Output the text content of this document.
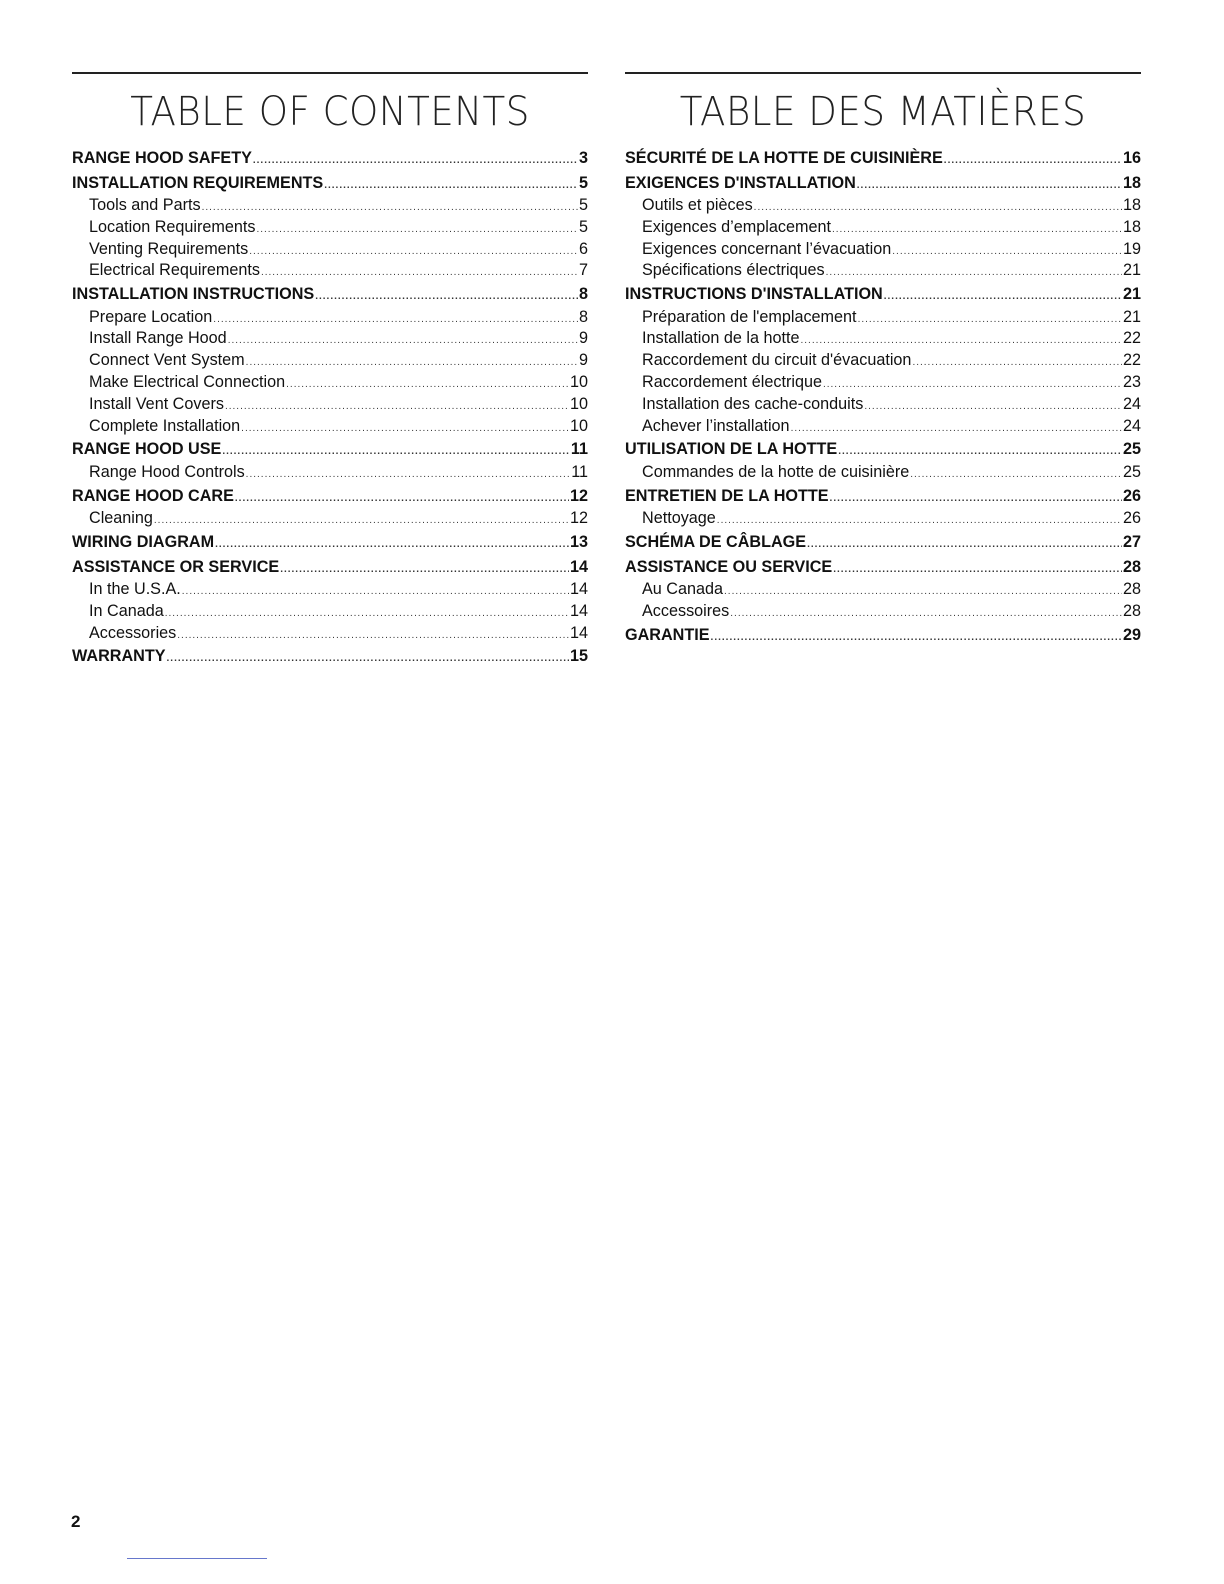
TABLE OF CONTENTS
RANGE HOOD SAFETY .....	3
INSTALLATION REQUIREMENTS .....	5
Tools and Parts .....	5
Location Requirements .....	5
Venting Requirements .....	6
Electrical Requirements .....	7
INSTALLATION INSTRUCTIONS .....	8
Prepare Location .....	8
Install Range Hood .....	9
Connect Vent System .....	9
Make Electrical Connection .....	10
Install Vent Covers .....	10
Complete Installation .....	10
RANGE HOOD USE .....	11
Range Hood Controls .....	11
RANGE HOOD CARE .....	12
Cleaning .....	12
WIRING DIAGRAM .....	13
ASSISTANCE OR SERVICE .....	14
In the U.S.A. .....	14
In Canada .....	14
Accessories .....	14
WARRANTY .....	15
TABLE DES MATIÈRES
SÉCURITÉ DE LA HOTTE DE CUISINIÈRE .....	16
EXIGENCES D'INSTALLATION .....	18
Outils et pièces .....	18
Exigences d’emplacement .....	18
Exigences concernant l’évacuation .....	19
Spécifications électriques .....	21
INSTRUCTIONS D'INSTALLATION .....	21
Préparation de l'emplacement .....	21
Installation de la hotte .....	22
Raccordement du circuit d'évacuation .....	22
Raccordement électrique .....	23
Installation des cache-conduits .....	24
Achever l’installation .....	24
UTILISATION DE LA HOTTE .....	25
Commandes de la hotte de cuisinière .....	25
ENTRETIEN DE LA HOTTE .....	26
Nettoyage .....	26
SCHÉMA DE CÂBLAGE .....	27
ASSISTANCE OU SERVICE .....	28
Au Canada .....	28
Accessoires .....	28
GARANTIE .....	29
2
